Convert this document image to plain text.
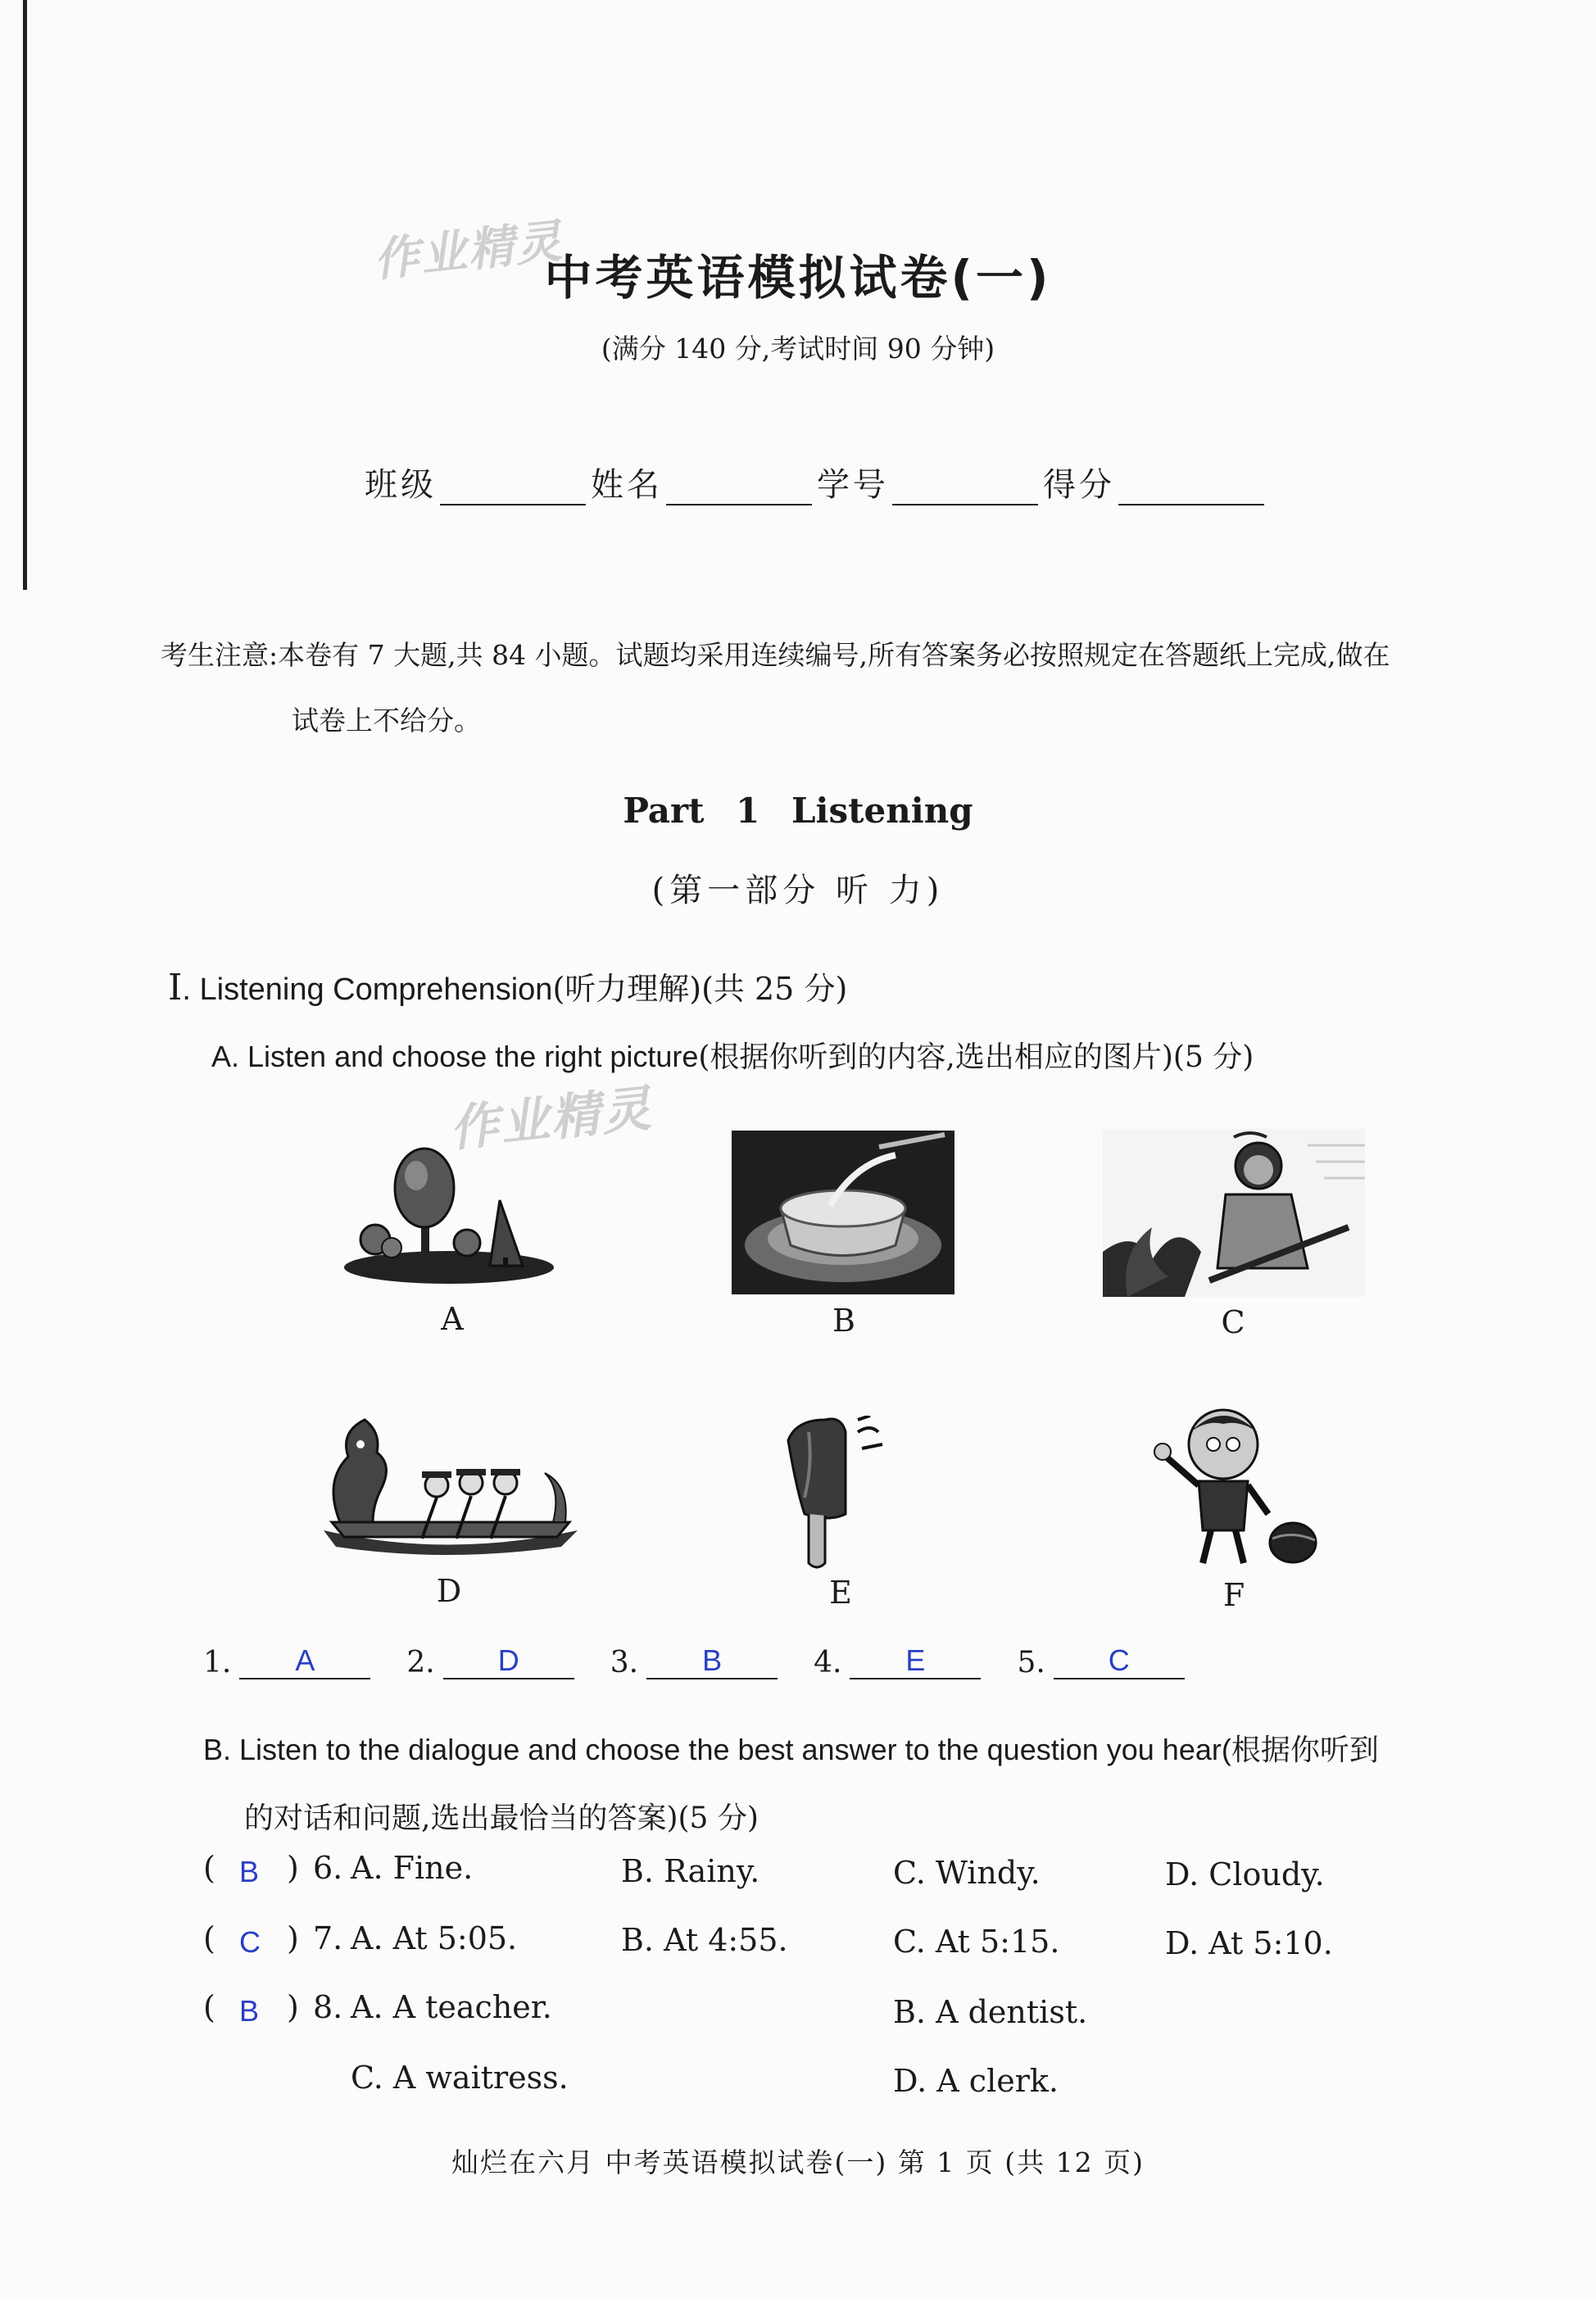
作业精灵
作业精灵
中考英语模拟试卷(一)
(满分 140 分,考试时间 90 分钟)
班级	姓名	学号	得分
考生注意:本卷有 7 大题,共 84 小题。试题均采用连续编号,所有答案务必按照规定在答题纸上完成,做在
试卷上不给分。
Part 1 Listening
(第一部分 听 力)
Ⅰ. Listening Comprehension(听力理解)(共 25 分)
A. Listen and choose the right picture(根据你听到的内容,选出相应的图片)(5 分)
A	B	C
D	E	F
1.	A	2.	D	3.	B	4.	E	5.	C
B. Listen to the dialogue and choose the best answer to the question you hear(根据你听到
的对话和问题,选出最恰当的答案)(5 分)
( B ) 6. A. Fine.	B. Rainy.	C. Windy.	D. Cloudy.
( C ) 7. A. At 5:05.	B. At 4:55.	C. At 5:15.	D. At 5:10.
( B ) 8. A. A teacher.	B. A dentist.
C. A waitress.	D. A clerk.
灿烂在六月 中考英语模拟试卷(一) 第 1 页 (共 12 页)
